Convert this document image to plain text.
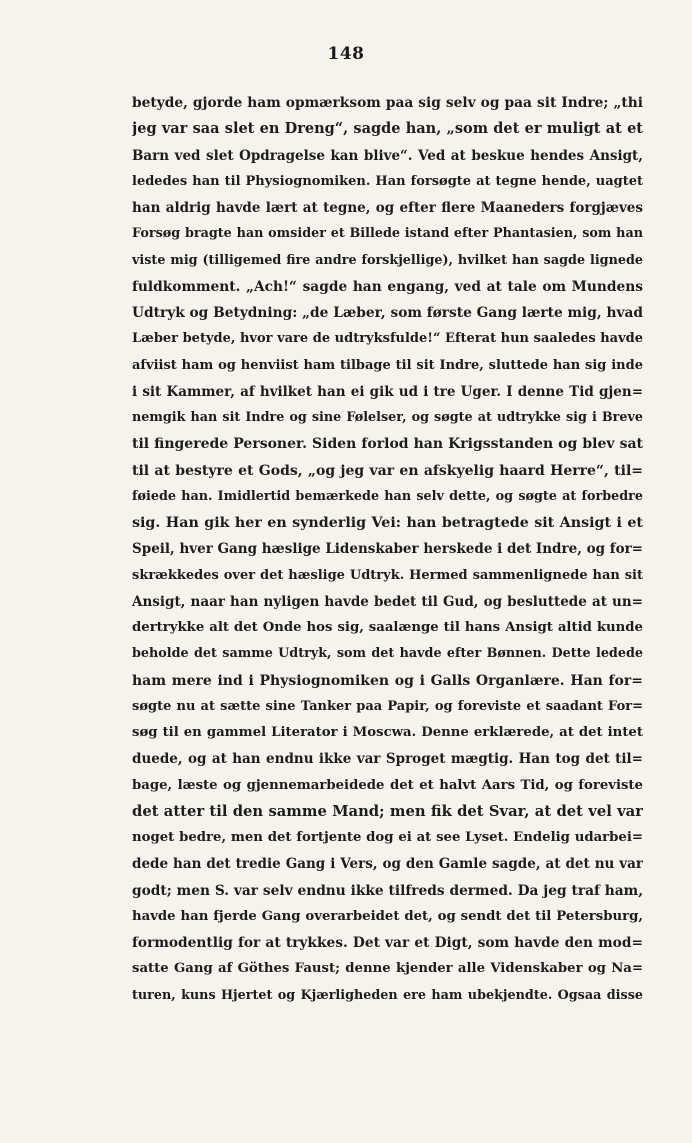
148
betyde, gjorde ham opmærksom paa sig selv og paa sit Indre; „thi
jeg var saa slet en Dreng“, sagde han, „som det er muligt at et
Barn ved slet Opdragelse kan blive“. Ved at beskue hendes Ansigt,
lededes han til Physiognomiken. Han forsøgte at tegne hende, uagtet
han aldrig havde lært at tegne, og efter flere Maaneders forgjæves
Forsøg bragte han omsider et Billede istand efter Phantasien, som han
viste mig (tilligemed fire andre forskjellige), hvilket han sagde lignede
fuldkomment. „Ach!“ sagde han engang, ved at tale om Mundens
Udtryk og Betydning: „de Læber, som første Gang lærte mig, hvad
Læber betyde, hvor vare de udtryksfulde!“ Efterat hun saaledes havde
afviist ham og henviist ham tilbage til sit Indre, sluttede han sig inde
i sit Kammer, af hvilket han ei gik ud i tre Uger. I denne Tid gjen=
nemgik han sit Indre og sine Følelser, og søgte at udtrykke sig i Breve
til fingerede Personer. Siden forlod han Krigsstanden og blev sat
til at bestyre et Gods, „og jeg var en afskyelig haard Herre“, til=
føiede han. Imidlertid bemærkede han selv dette, og søgte at forbedre
sig. Han gik her en synderlig Vei: han betragtede sit Ansigt i et
Speil, hver Gang hæslige Lidenskaber herskede i det Indre, og for=
skrækkedes over det hæslige Udtryk. Hermed sammenlignede han sit
Ansigt, naar han nyligen havde bedet til Gud, og besluttede at un=
dertrykke alt det Onde hos sig, saalænge til hans Ansigt altid kunde
beholde det samme Udtryk, som det havde efter Bønnen. Dette ledede
ham mere ind i Physiognomiken og i Galls Organlære. Han for=
søgte nu at sætte sine Tanker paa Papir, og foreviste et saadant For=
søg til en gammel Literator i Moscwa. Denne erklærede, at det intet
duede, og at han endnu ikke var Sproget mægtig. Han tog det til=
bage, læste og gjennemarbeidede det et halvt Aars Tid, og foreviste
det atter til den samme Mand; men fik det Svar, at det vel var
noget bedre, men det fortjente dog ei at see Lyset. Endelig udarbei=
dede han det tredie Gang i Vers, og den Gamle sagde, at det nu var
godt; men S. var selv endnu ikke tilfreds dermed. Da jeg traf ham,
havde han fjerde Gang overarbeidet det, og sendt det til Petersburg,
formodentlig for at trykkes. Det var et Digt, som havde den mod=
satte Gang af Göthes Faust; denne kjender alle Videnskaber og Na=
turen, kuns Hjertet og Kjærligheden ere ham ubekjendte. Ogsaa disse
